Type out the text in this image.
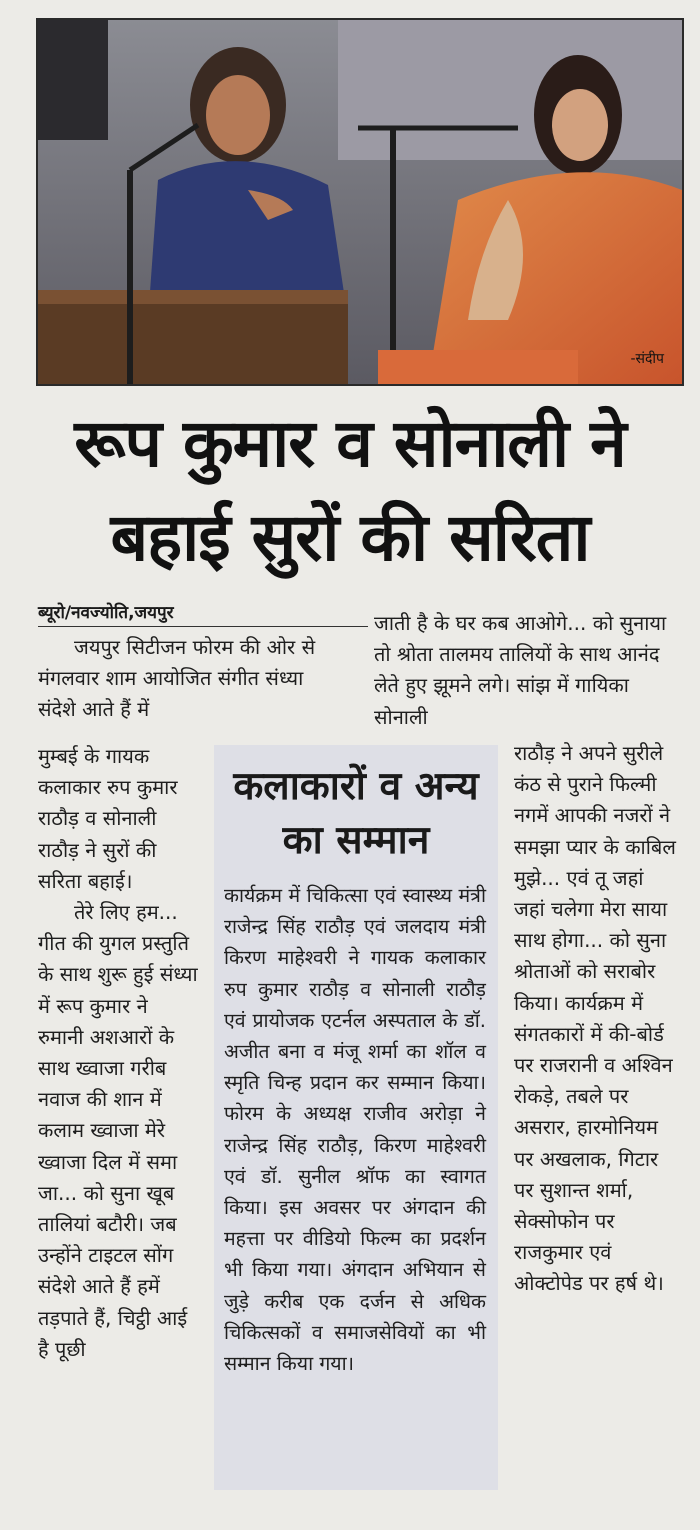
-संदीप
रूप कुमार व सोनाली ने
बहाई सुरों की सरिता
ब्यूरो/नवज्योति,जयपुर

जयपुर सिटीजन फोरम की ओर से मंगलवार शाम आयोजित संगीत संध्या संदेशे आते हैं में

मुम्बई के गायक कलाकार रुप कुमार राठौड़ व सोनाली राठौड़ ने सुरों की सरिता बहाई।

तेरे लिए हम... गीत की युगल प्रस्तुति के साथ शुरू हुई संध्या में रूप कुमार ने रुमानी अशआरों के साथ ख्वाजा गरीब नवाज की शान में कलाम ख्वाजा मेरे ख्वाजा दिल में समा जा... को सुना खूब तालियां बटौरी। जब उन्होंने टाइटल सोंग संदेशे आते हैं हमें तड़पाते हैं, चिट्ठी आई है पूछी

जाती है के घर कब आओगे... को सुनाया तो श्रोता तालमय तालियों के साथ आनंद लेते हुए झूमने लगे। सांझ में गायिका सोनाली

राठौड़ ने अपने सुरीले कंठ से पुराने फिल्मी नगमें आपकी नजरों ने समझा प्यार के काबिल मुझे... एवं तू जहां जहां चलेगा मेरा साया साथ होगा... को सुना श्रोताओं को सराबोर किया। कार्यक्रम में संगतकारों में की-बोर्ड पर राजरानी व अश्विन रोकड़े, तबले पर असरार, हारमोनियम पर अखलाक, गिटार पर सुशान्त शर्मा, सेक्सोफोन पर राजकुमार एवं ओक्टोपेड पर हर्ष थे।

कलाकारों व अन्य
का सम्मान
कार्यक्रम में चिकित्सा एवं स्वास्थ्य मंत्री राजेन्द्र सिंह राठौड़ एवं जलदाय मंत्री किरण माहेश्वरी ने गायक कलाकार रुप कुमार राठौड़ व सोनाली राठौड़ एवं प्रायोजक एटर्नल अस्पताल के डॉ. अजीत बना व मंजू शर्मा का शॉल व स्मृति चिन्ह प्रदान कर सम्मान किया। फोरम के अध्यक्ष राजीव अरोड़ा ने राजेन्द्र सिंह राठौड़, किरण माहेश्वरी एवं डॉ. सुनील श्रॉफ का स्वागत किया। इस अवसर पर अंगदान की महत्ता पर वीडियो फिल्म का प्रदर्शन भी किया गया। अंगदान अभियान से जुड़े करीब एक दर्जन से अधिक चिकित्सकों व समाजसेवियों का भी सम्मान किया गया।
